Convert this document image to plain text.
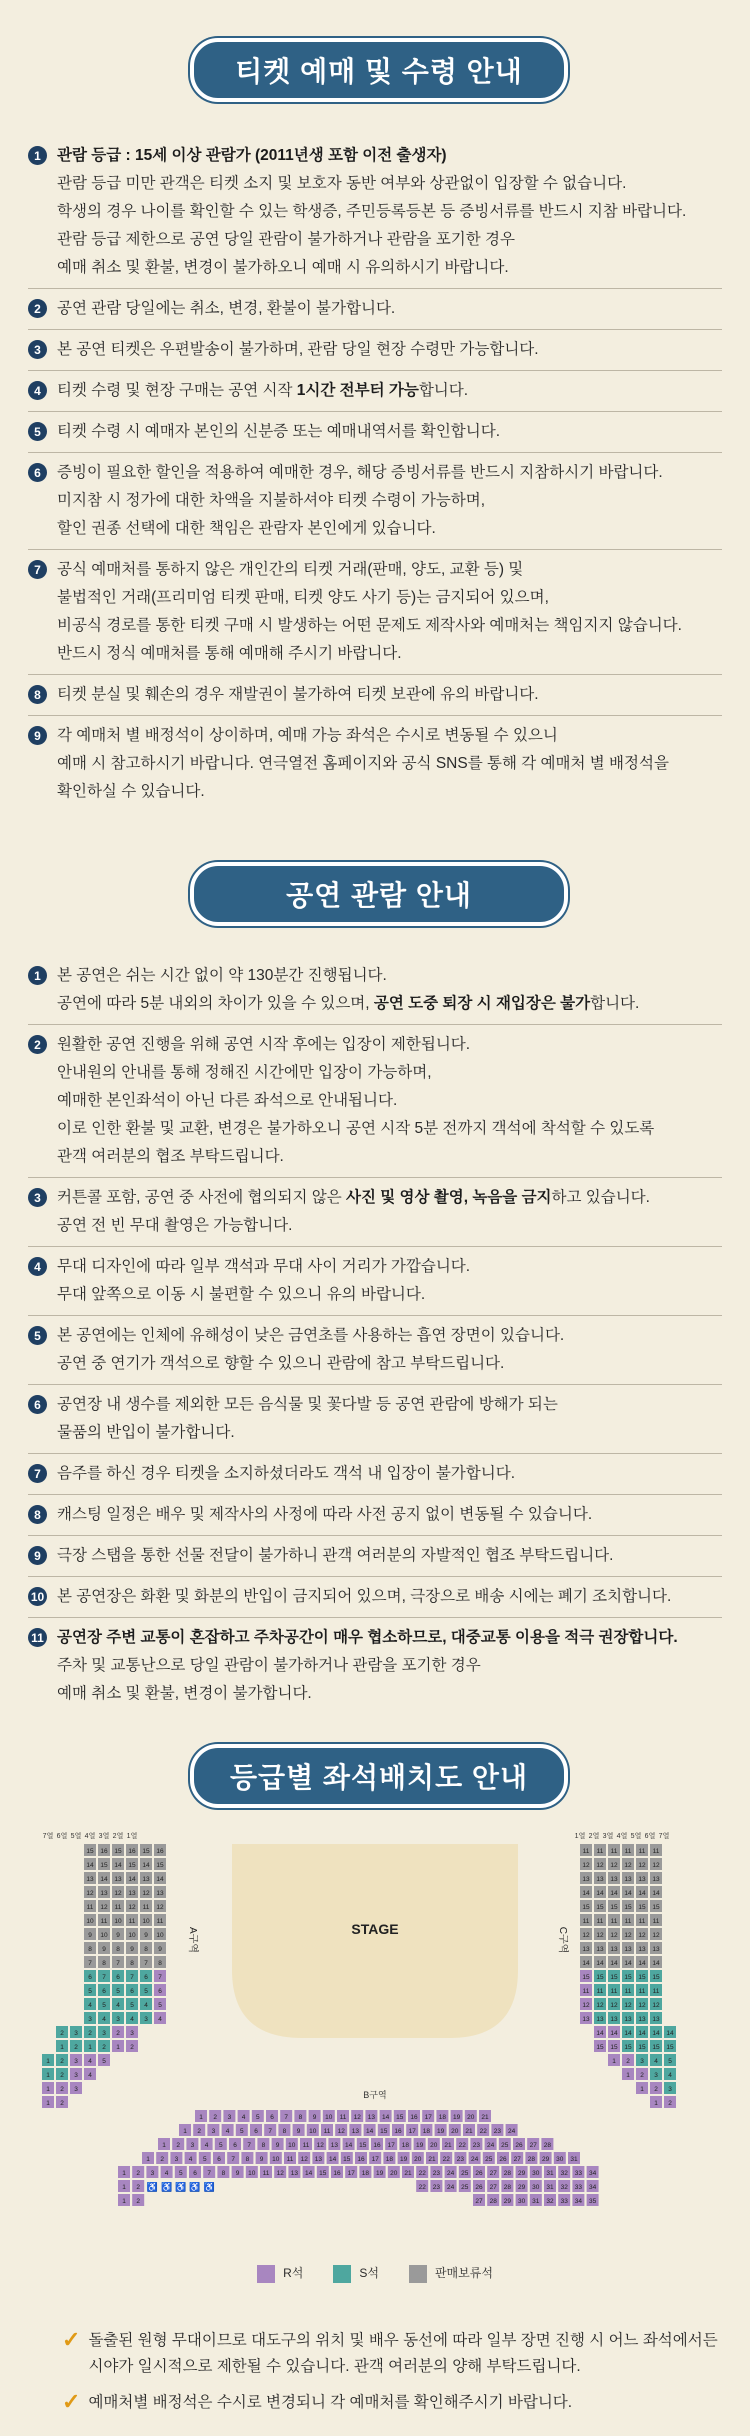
티켓 예매 및 수령 안내
1	관람 등급 : 15세 이상 관람가 (2011년생 포함 이전 출생자)

관람 등급 미만 관객은 티켓 소지 및 보호자 동반 여부와 상관없이 입장할 수 없습니다.

학생의 경우 나이를 확인할 수 있는 학생증, 주민등록등본 등 증빙서류를 반드시 지참 바랍니다.

관람 등급 제한으로 공연 당일 관람이 불가하거나 관람을 포기한 경우

예매 취소 및 환불, 변경이 불가하오니 예매 시 유의하시기 바랍니다.

2	공연 관람 당일에는 취소, 변경, 환불이 불가합니다.

3	본 공연 티켓은 우편발송이 불가하며, 관람 당일 현장 수령만 가능합니다.

4	티켓 수령 및 현장 구매는 공연 시작 1시간 전부터 가능합니다.

5	티켓 수령 시 예매자 본인의 신분증 또는 예매내역서를 확인합니다.

6	증빙이 필요한 할인을 적용하여 예매한 경우, 해당 증빙서류를 반드시 지참하시기 바랍니다.

미지참 시 정가에 대한 차액을 지불하셔야 티켓 수령이 가능하며,

할인 권종 선택에 대한 책임은 관람자 본인에게 있습니다.

7	공식 예매처를 통하지 않은 개인간의 티켓 거래(판매, 양도, 교환 등) 및

불법적인 거래(프리미엄 티켓 판매, 티켓 양도 사기 등)는 금지되어 있으며,

비공식 경로를 통한 티켓 구매 시 발생하는 어떤 문제도 제작사와 예매처는 책임지지 않습니다.

반드시 정식 예매처를 통해 예매해 주시기 바랍니다.

8	티켓 분실 및 훼손의 경우 재발권이 불가하여 티켓 보관에 유의 바랍니다.

9	각 예매처 별 배정석이 상이하며, 예매 가능 좌석은 수시로 변동될 수 있으니

예매 시 참고하시기 바랍니다. 연극열전 홈페이지와 공식 SNS를 통해 각 예매처 별 배정석을

확인하실 수 있습니다.

공연 관람 안내
1	본 공연은 쉬는 시간 없이 약 130분간 진행됩니다.

공연에 따라 5분 내외의 차이가 있을 수 있으며, 공연 도중 퇴장 시 재입장은 불가합니다.

2	원활한 공연 진행을 위해 공연 시작 후에는 입장이 제한됩니다.

안내원의 안내를 통해 정해진 시간에만 입장이 가능하며,

예매한 본인좌석이 아닌 다른 좌석으로 안내됩니다.

이로 인한 환불 및 교환, 변경은 불가하오니 공연 시작 5분 전까지 객석에 착석할 수 있도록

관객 여러분의 협조 부탁드립니다.

3	커튼콜 포함, 공연 중 사전에 협의되지 않은 사진 및 영상 촬영, 녹음을 금지하고 있습니다.

공연 전 빈 무대 촬영은 가능합니다.

4	무대 디자인에 따라 일부 객석과 무대 사이 거리가 가깝습니다.

무대 앞쪽으로 이동 시 불편할 수 있으니 유의 바랍니다.

5	본 공연에는 인체에 유해성이 낮은 금연초를 사용하는 흡연 장면이 있습니다.

공연 중 연기가 객석으로 향할 수 있으니 관람에 참고 부탁드립니다.

6	공연장 내 생수를 제외한 모든 음식물 및 꽃다발 등 공연 관람에 방해가 되는

물품의 반입이 불가합니다.

7	음주를 하신 경우 티켓을 소지하셨더라도 객석 내 입장이 불가합니다.

8	캐스팅 일정은 배우 및 제작사의 사정에 따라 사전 공지 없이 변동될 수 있습니다.

9	극장 스탭을 통한 선물 전달이 불가하니 관객 여러분의 자발적인 협조 부탁드립니다.

10 본 공연장은 화환 및 화분의 반입이 금지되어 있으며, 극장으로 배송 시에는 폐기 조치합니다.

11 공연장 주변 교통이 혼잡하고 주차공간이 매우 협소하므로, 대중교통 이용을 적극 권장합니다.

주차 및 교통난으로 당일 관람이 불가하거나 관람을 포기한 경우

예매 취소 및 환불, 변경이 불가합니다.

등급별 좌석배치도 안내
7열 6열 5열 4열 3열 2열 1열	1열 2열 3열 4열 5열 6열 7열
15 16 15 16 15 16
14 15 14 15 14 15
13 14 13 14 13 14
12 13 12 13 12 13
11 12 11 12 11 12
10 11 10 11 10 11
9 10 9 10 9 10
8 9 8 9 8 9
7 8 7 8 7 8
6 7 6 7 6 7
5 6 5 6 5 6
4 5 4 5 4 5
3 4 3 4 3 4
2 3 2 3 2 3
1 2 1 2 1 2
1 2 3 4 5
1 2 3 4
1 2 3
1 2
11 11 11 11 11 11
12 12 12 12 12 12
13 13 13 13 13 13
14 14 14 14 14 14
15 15 15 15 15 15
11 11 11 11 11 11
12 12 12 12 12 12
13 13 13 13 13 13
14 14 14 14 14 14
15 15 15 15 15 15
11 11 11 11 11 11
12 12 12 12 12 12
13 13 13 13 13 13
14 14 14 14 14 14
15 15 15 15 15 15
1 2 3 4 5
1 2 3 4
1 2 3
1 2
STAGE
A구역	C구역
B구역
1 2 3 4 5 6 7 8 9 10 11 12 13 14 15 16 17 18 19 20 21
1 2 3 4 5 6 7 8 9 10 11 12 13 14 15 16 17 18 19 20 21 22 23 24
1 2 3 4 5 6 7 8 9 10 11 12 13 14 15 16 17 18 19 20 21 22 23 24 25 26 27 28
1 2 3 4 5 6 7 8 9 10 11 12 13 14 15 16 17 18 19 20 21 22 23 24 25 26 27 28 29 30 31
1 2 3 4 5 6 7 8 9 10 11 12 13 14 15 16 17 18 19 20 21 22 23 24 25 26 27 28 29 30 31 32 33 34
1 2 ♿ ♿ ♿ ♿ ♿	22 23 24 25 26 27 28 29 30 31 32 33 34
1 2	27 28 29 30 31 32 33 34 35
R석	S석	판매보류석
✓ 돌출된 원형 무대이므로 대도구의 위치 및 배우 동선에 따라 일부 장면 진행 시 어느 좌석에서든 시야가 일시적으로 제한될 수 있습니다. 관객 여러분의 양해 부탁드립니다.
✓ 예매처별 배정석은 수시로 변경되니 각 예매처를 확인해주시기 바랍니다.
